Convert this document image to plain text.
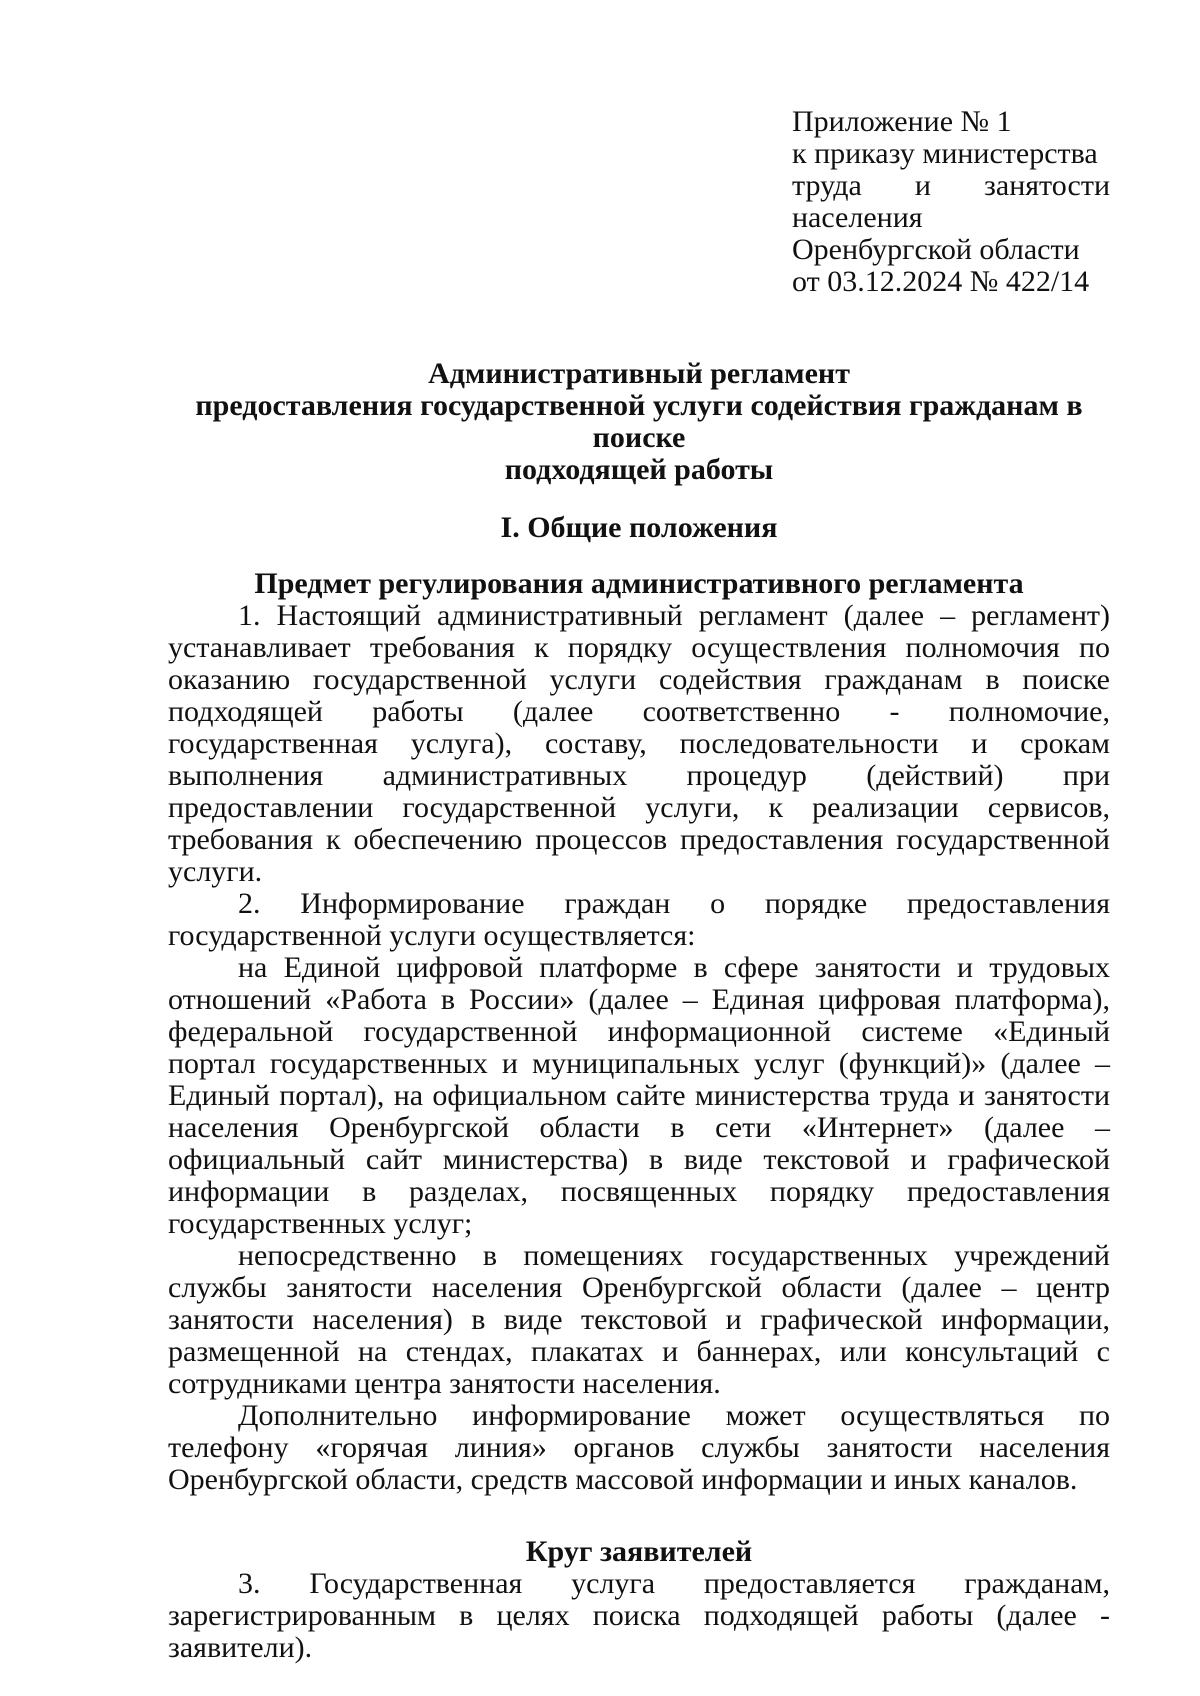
Приложение № 1
к приказу министерства
труда и занятости
населения
Оренбургской области
от 03.12.2024 № 422/14
Административный регламент
предоставления государственной услуги содействия гражданам в поиске
подходящей работы
I. Общие положения
Предмет регулирования административного регламента

1. Настоящий административный регламент (далее – регламент) устанавливает требования к порядку осуществления полномочия по оказанию государственной услуги содействия гражданам в поиске подходящей работы (далее соответственно - полномочие, государственная услуга), составу, последовательности и срокам выполнения административных процедур (действий) при предоставлении государственной услуги, к реализации сервисов, требования к обеспечению процессов предоставления государственной услуги.

2. Информирование граждан о порядке предоставления государственной услуги осуществляется:

на Единой цифровой платформе в сфере занятости и трудовых отношений «Работа в России» (далее – Единая цифровая платформа), федеральной государственной информационной системе «Единый портал государственных и муниципальных услуг (функций)» (далее – Единый портал), на официальном сайте министерства труда и занятости населения Оренбургской области в сети «Интернет» (далее – официальный сайт министерства) в виде текстовой и графической информации в разделах, посвященных порядку предоставления государственных услуг;

непосредственно в помещениях государственных учреждений службы занятости населения Оренбургской области (далее – центр занятости населения) в виде текстовой и графической информации, размещенной на стендах, плакатах и баннерах, или консультаций с сотрудниками центра занятости населения.

Дополнительно информирование может осуществляться по телефону «горячая линия» органов службы занятости населения Оренбургской области, средств массовой информации и иных каналов.

Круг заявителей

3. Государственная услуга предоставляется гражданам, зарегистрированным в целях поиска подходящей работы (далее - заявители).
